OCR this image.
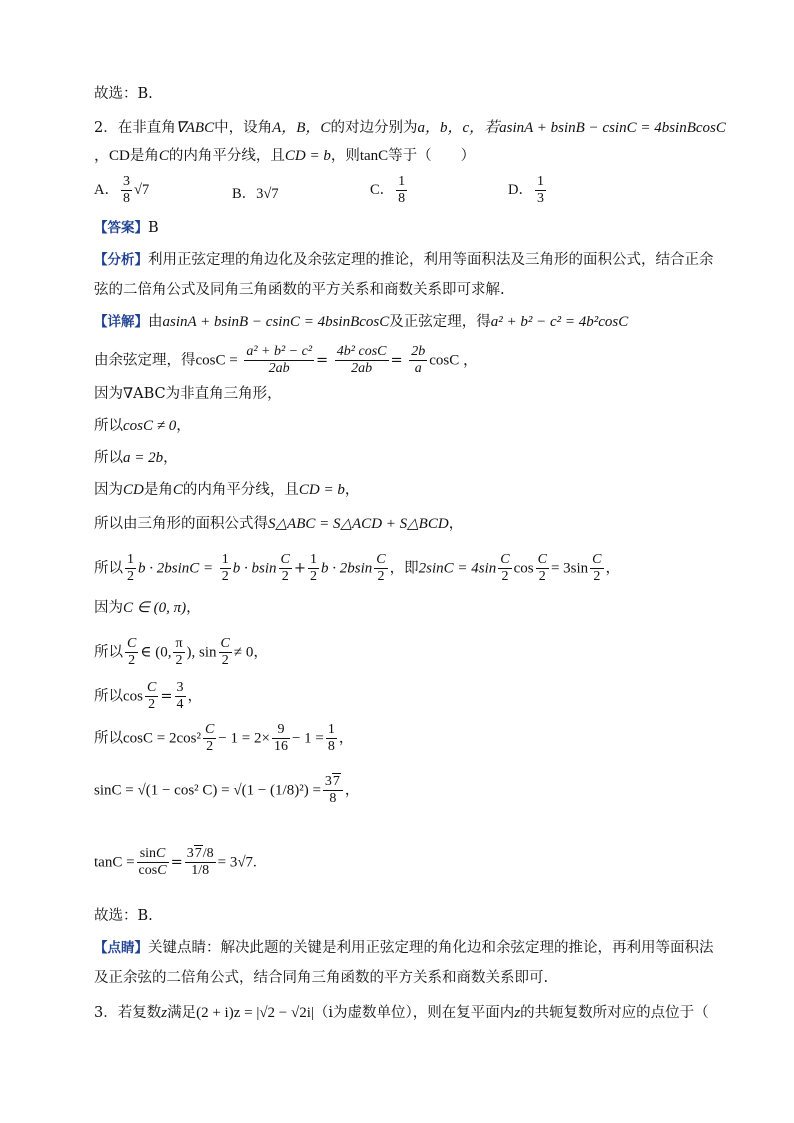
故选：B.
2．在非直角∇ABC中，设角A，B，C的对边分别为a，b，c，若asinA + bsinB − csinC = 4bsinBcosC
，CD是角C的内角平分线，且CD = b，则tanC等于（　　）
A． $\frac{3}{8} √7$	B．3√7	C． $\frac{1}{8}$	D． $\frac{1}{3}$
【答案】B
【分析】利用正弦定理的角边化及余弦定理的推论，利用等面积法及三角形的面积公式，结合正余
弦的二倍角公式及同角三角函数的平方关系和商数关系即可求解.
【详解】由asinA + bsinB − csinC = 4bsinBcosC及正弦定理，得a² + b² − c² = 4b²cosC
由余弦定理，得$\cos C = \frac{\text{a² + b² − c²}}{2ab} = \frac{\text{4b² cosC}}{2ab} = \frac{2b}{a}$ cosC ，
因为∇ABC为非直角三角形，
所以cosC ≠ 0，
所以a = 2b，
因为CD是角C的内角平分线，且CD = b，
所以由三角形的面积公式得S△ABC = S△ACD + S△BCD，
所以 $\frac{1}{2}$ $b \cdot 2bsinC = \frac{1}{2}$ b · bsin $\frac{C}{2} + \frac{1}{2}$ $b \cdot 2bsin \frac{C}{2}$ ，即$2\sin C = 4\sin \frac{C}{2}$ $\cos \frac{C}{2} = 3\sin \frac{C}{2}$ ，
因为C ∈ (0, π)，
所以 $\frac{C}{2}$ ∈ (0, $\frac{\pi}{2}$ ), $\sin \frac{C}{2} \ne 0$，
所以$\cos \frac{C}{2} = \frac{3}{4}$ ，
所以$\cos C = 2\cos^2 \frac{C}{2} - 1 = 2\times \frac{9}{16} - 1 = \frac{1}{8}$ ，
sinC = √(1 − cos² $C) = √(1 - (1/8)^2) = \frac{37}{8}$ ，
$\tan C = \frac{\sin C}{\cos C} = \frac{37/8}{1/8} = 3√7$.
故选：B.
【点睛】关键点睛：解决此题的关键是利用正弦定理的角化边和余弦定理的推论，再利用等面积法
及正余弦的二倍角公式，结合同角三角函数的平方关系和商数关系即可.
3．若复数z满足(2 + i)z = |√2 − √2i|（i为虚数单位），则在复平面内z的共轭复数所对应的点位于（
